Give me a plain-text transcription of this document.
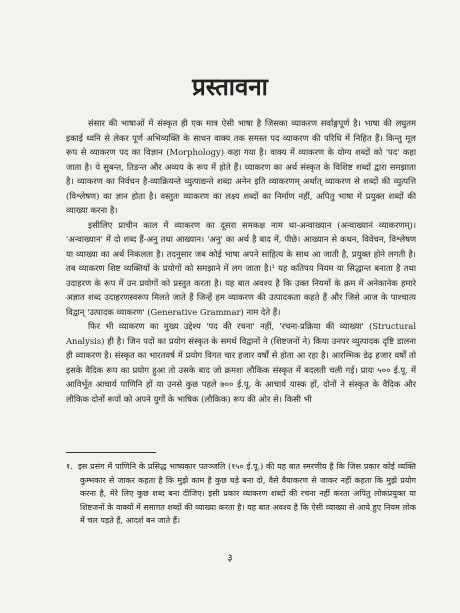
प्रस्तावना

संसार की भाषाओं में संस्कृत ही एक मात्र ऐसी भाषा है जिसका व्याकरण सर्वाङ्गपूर्ण है। भाषा की लघुतम इकाई ध्वनि से लेकर पूर्ण अभिव्यक्ति के साधन वाक्य तक समस्त पद व्याकरण की परिधि में निहित हैं। किन्तु मूल रूप से व्याकरण पद का विज्ञान (Morphology) कहा गया है। वाक्य में व्याकरण के योग्य शब्दों को 'पद' कहा जाता है। ये सुबन्त, तिङन्त और अव्यय के रूप में होते हैं। व्याकरण का अर्थ संस्कृत के विशिष्ट शब्दों द्वारा समझाता है। व्याकरण का निर्वचन है-व्याक्रियन्ते व्युत्पाद्यन्ते शब्दा अनेन इति व्याकरणम् अर्थात् व्याकरण से शब्दों की व्युत्पत्ति (विश्लेषण) का ज्ञान होता है। वस्तुतः व्याकरण का लक्ष्य शब्दों का निर्माण नहीं, अपितु भाषा में प्रयुक्त शब्दों की व्याख्या करना है।

इसीलिए प्राचीन काल में व्याकरण का दूसरा समकक्ष नाम था-अन्वाख्यान (अन्वाख्यानं व्याकरणम्)। 'अन्वाख्यान' में दो शब्द हैं-अनु तथा आख्यान। 'अनु' का अर्थ है बाद में, पीछे। आख्यान से कथन, विवेचन, विश्लेषण या व्याख्या का अर्थ निकलता है। तदनुसार जब कोई भाषा अपने साहित्य के साथ आ जाती है, प्रयुक्त होने लगती है। तब व्याकरण शिष्ट व्यक्तियों के प्रयोगों को समझाने में लग जाता है।¹ यह कतिपय नियम या सिद्धान्त बनाता है तथा उदाहरण के रूप में उन प्रयोगों को प्रस्तुत करता है। यह बात अवश्य है कि उक्त नियमों के क्रम में अनेकानेक हमारे अज्ञात शब्द उदाहरणस्वरूप मिलते जाते हैं जिन्हें हम व्याकरण की उत्पादकता कहते हैं और जिसे आज के पाश्चात्य विद्वान् 'उत्पादक व्याकरण' (Generative Grammar) नाम देते हैं।

फिर भी व्याकरण का मुख्य उद्देश्य 'पद की रचना' नहीं, 'रचना-प्रक्रिया की व्याख्या' (Structural Analysis) ही है। जिन पदों का प्रयोग संस्कृत के समर्थ विद्वानों ने (शिष्टजनों ने) किया उनपर व्युत्पादक दृष्टि डालना ही व्याकरण है। संस्कृत का भारतवर्ष में प्रयोग विगत चार हजार वर्षों से होता आ रहा है। आरम्भिक डेढ़ हजार वर्षों तो इसके वैदिक रूप का प्रयोग हुआ तो उसके बाद जो क्रमशः लौकिक संस्कृत में बदलती चली गई। प्रायः ५०० ई.पू. में आविर्भूत आचार्य पाणिनि हों या उनसे कुछ पहले ७०० ई.पू. के आचार्य यास्क हों, दोनों ने संस्कृत के वैदिक और लौकिक दोनों रूपों को अपने युगों के भाषिक (लौकिक) रूप की ओर से। किसी भी

१. इस प्रसंग में पाणिनि के प्रसिद्ध भाष्यकार पतञ्जलि (१५० ई.पू.) की यह बात स्मरणीय है कि जिस प्रकार कोई व्यक्ति कुम्भकार से जाकर कहता है कि मुझे काम है कुछ घड़े बना दो, वैसे वैयाकरण से जाकर नहीं कहता कि मुझे प्रयोग करना है, मेरे लिए कुछ शब्द बना दीजिए। इसी प्रकार व्याकरण शब्दों की रचना नहीं करता अपितु लोकप्रयुक्त या शिष्टजनों के वाक्यों में समागत शब्दों की व्याख्या करता है। यह बात अवश्य है कि ऐसी व्याख्या से आये हुए नियम लोक में चल पड़ते हैं, आदर्श बन जाते हैं।
३
